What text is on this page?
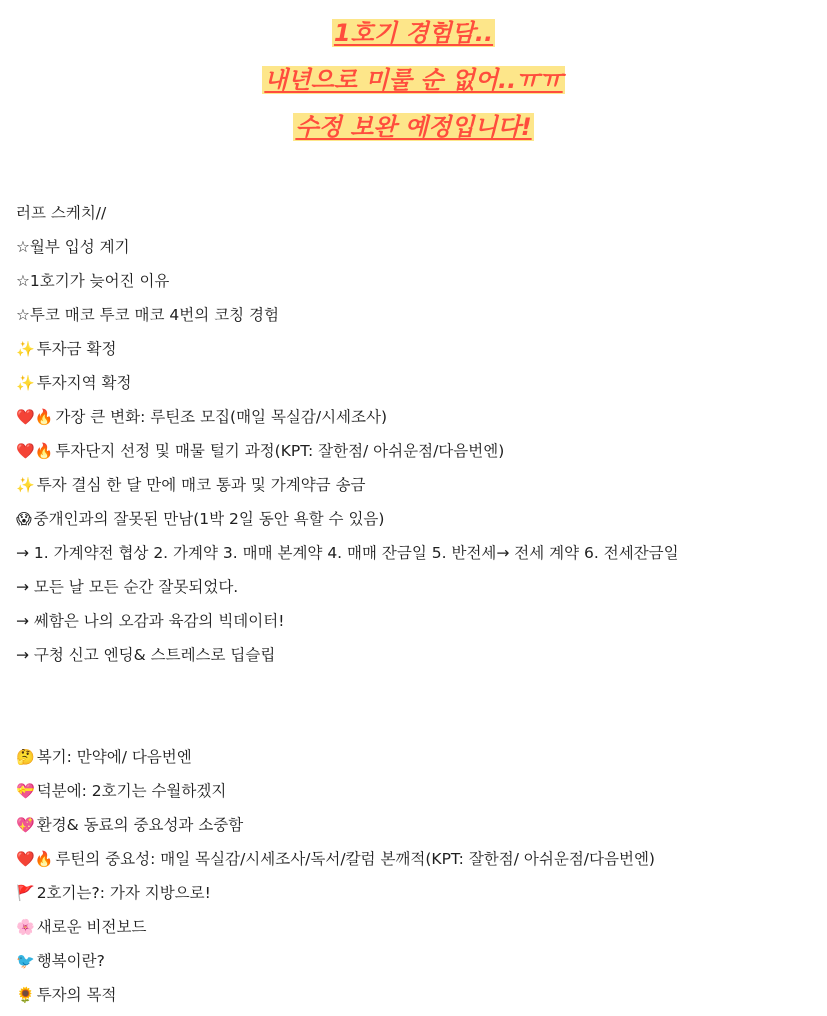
1호기 경험담..
내년으로 미룰 순 없어..ㅠㅠ
수정 보완 예정입니다!
러프 스케치//
☆월부 입성 계기
☆1호기가 늦어진 이유
☆투코 매코 투코 매코 4번의 코칭 경험
✨ 투자금 확정
✨ 투자지역 확정
❤️🔥 가장 큰 변화: 루틴조 모집(매일 목실감/시세조사)
❤️🔥 투자단지 선정 및 매물 털기 과정(KPT: 잘한점/ 아쉬운점/다음번엔)
✨ 투자 결심 한 달 만에 매코 통과 및 가계약금 송금
😱 중개인과의 잘못된 만남(1박 2일 동안 욕할 수 있음)
→ 1. 가계약전 협상 2. 가계약 3. 매매 본계약 4. 매매 잔금일 5. 반전세→ 전세 계약 6. 전세잔금일
→ 모든 날 모든 순간 잘못되었다.
→ 쎄함은 나의 오감과 육감의 빅데이터!
→ 구청 신고 엔딩& 스트레스로 딥슬립
🤔 복기: 만약에/ 다음번엔
💝 덕분에: 2호기는 수월하겠지
💖 환경& 동료의 중요성과 소중함
❤️🔥 루틴의 중요성: 매일 목실감/시세조사/독서/칼럼 본깨적(KPT: 잘한점/ 아쉬운점/다음번엔)
🚩 2호기는?: 가자 지방으로!
🌸 새로운 비전보드
🐦 행복이란?
🌻 투자의 목적
